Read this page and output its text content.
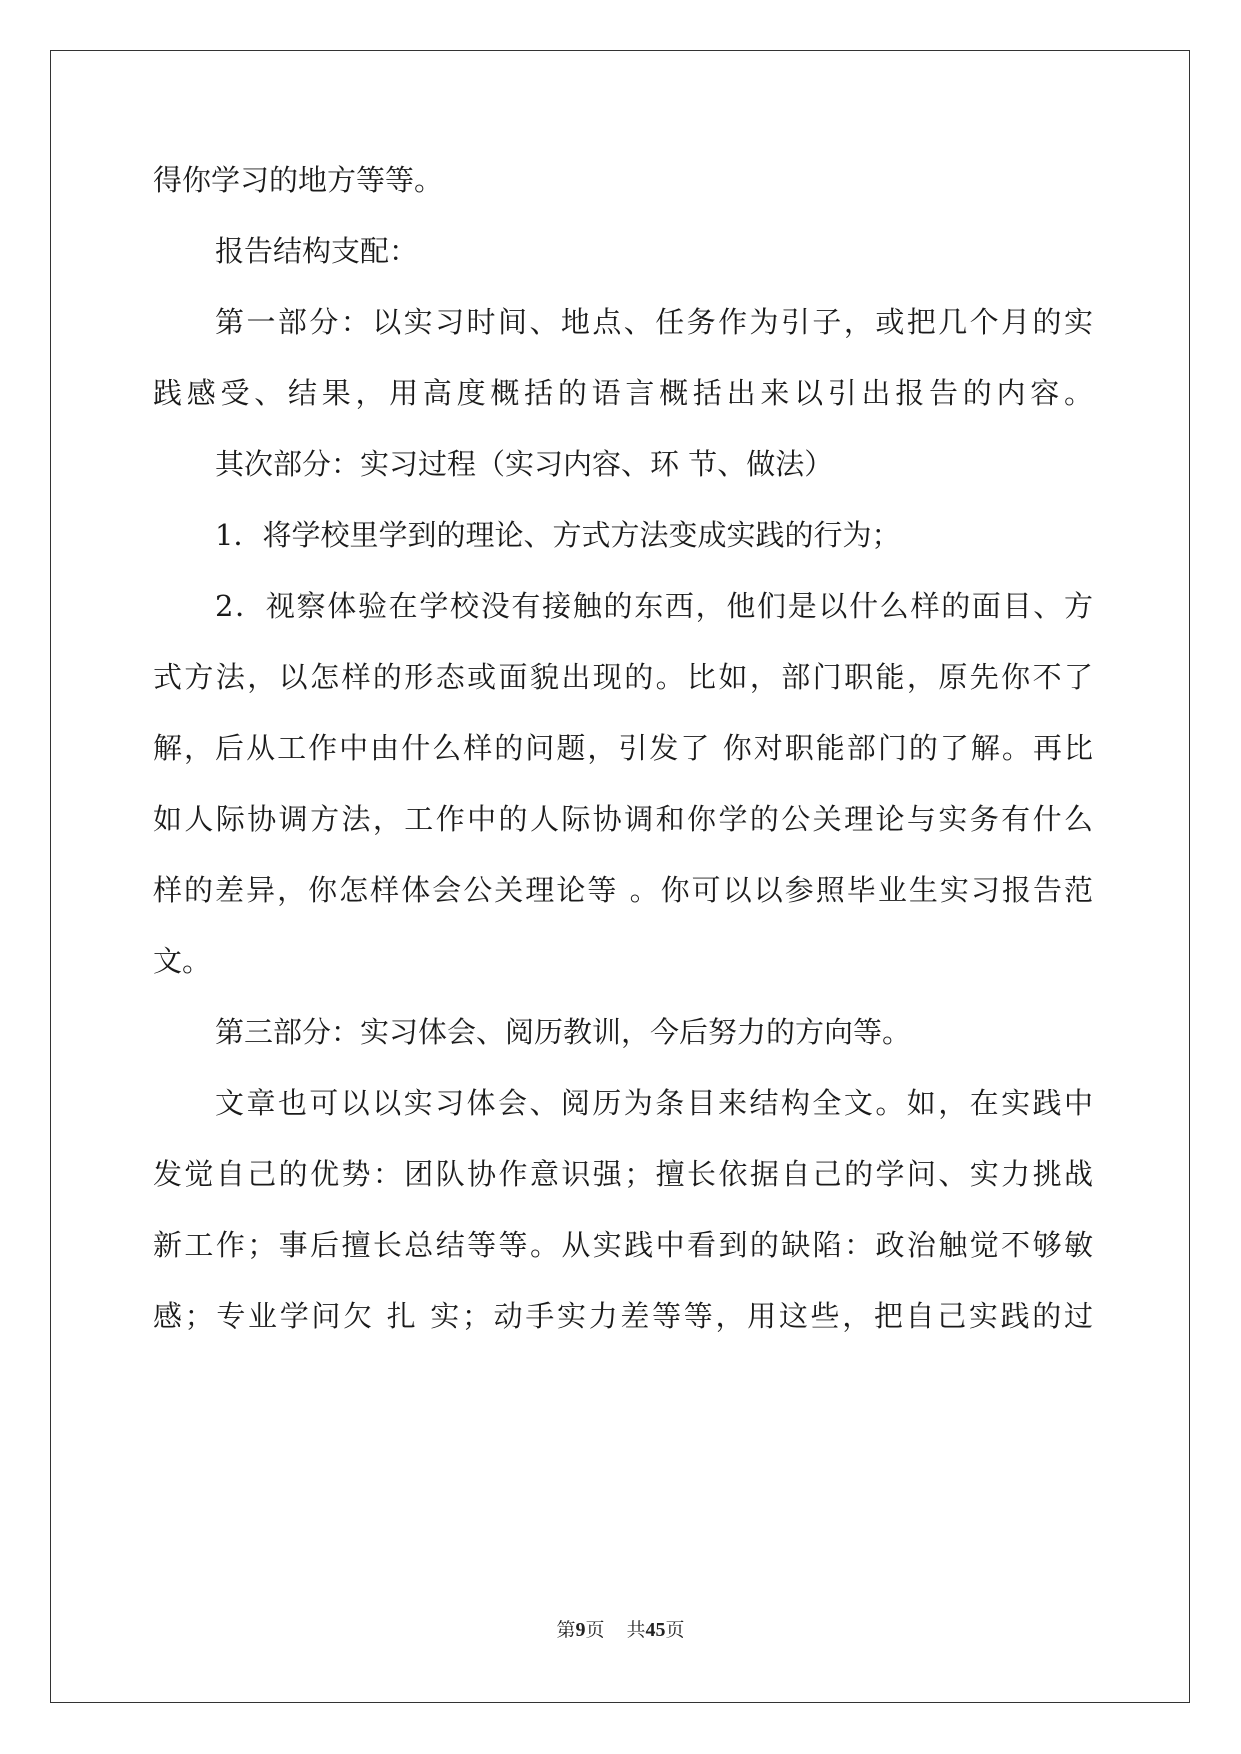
得你学习的地方等等。
报告结构支配：
第一部分：以实习时间、地点、任务作为引子，或把几个月的实
践感受、结果，用高度概括的语言概括出来以引出报告的内容。
其次部分：实习过程（实习内容、环 节、做法）
1．将学校里学到的理论、方式方法变成实践的行为；
2．视察体验在学校没有接触的东西，他们是以什么样的面目、方
式方法，以怎样的形态或面貌出现的。比如，部门职能，原先你不了
解，后从工作中由什么样的问题，引发了 你对职能部门的了解。再比
如人际协调方法，工作中的人际协调和你学的公关理论与实务有什么
样的差异，你怎样体会公关理论等 。你可以以参照毕业生实习报告范
文。
第三部分：实习体会、阅历教训，今后努力的方向等。
文章也可以以实习体会、阅历为条目来结构全文。如，在实践中
发觉自己的优势：团队协作意识强；擅长依据自己的学问、实力挑战
新工作；事后擅长总结等等。从实践中看到的缺陷：政治触觉不够敏
感；专业学问欠 扎 实；动手实力差等等，用这些，把自己实践的过
第9页 共45页
